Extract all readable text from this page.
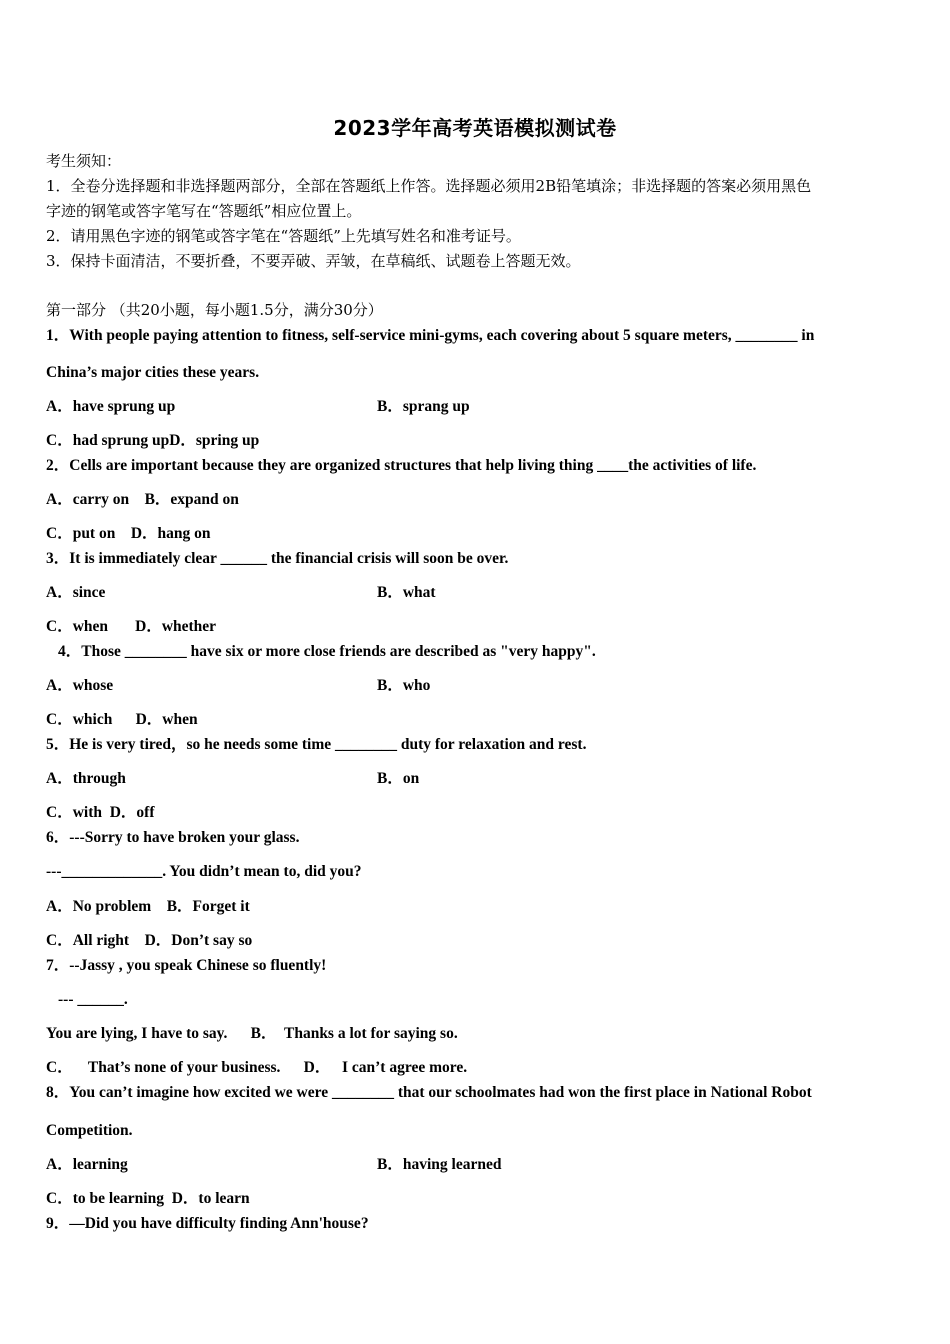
2023学年高考英语模拟测试卷
考生须知：
1．全卷分选择题和非选择题两部分，全部在答题纸上作答。选择题必须用2B铅笔填涂；非选择题的答案必须用黑色
字迹的钢笔或答字笔写在“答题纸”相应位置上。
2．请用黑色字迹的钢笔或答字笔在“答题纸”上先填写姓名和准考证号。
3．保持卡面清洁，不要折叠，不要弄破、弄皱，在草稿纸、试题卷上答题无效。
第一部分 （共20小题，每小题1.5分，满分30分）
1．With people paying attention to fitness, self-service mini-gyms, each covering about 5 square meters, ________ in
China’s major cities these years.
A．have sprung up	B．sprang up
C．had sprung upD．spring up
2．Cells are important because they are organized structures that help living thing ____the activities of life.
A．carry on    B．expand on
C．put on    D．hang on
3．It is immediately clear ______ the financial crisis will soon be over.
A．since	B．what
C．when       D．whether
4．Those ________ have six or more close friends are described as "very happy".
A．whose	B．who
C．which      D．when
5．He is very tired，so he needs some time ________ duty for relaxation and rest.
A．through	B．on
C．with  D．off
6．---Sorry to have broken your glass.
---_____________. You didn’t mean to, did you?
A．No problem    B．Forget it
C．All right    D．Don’t say so
7．--Jassy , you speak Chinese so fluently!
--- ______.
You are lying, I have to say.      B．  Thanks a lot for saying so.
C．    That’s none of your business.      D．   I can’t agree more.
8．You can’t imagine how excited we were ________ that our schoolmates had won the first place in National Robot
Competition.
A．learning	B．having learned
C．to be learning  D．to learn
9．—Did you have difficulty finding Ann'house?
